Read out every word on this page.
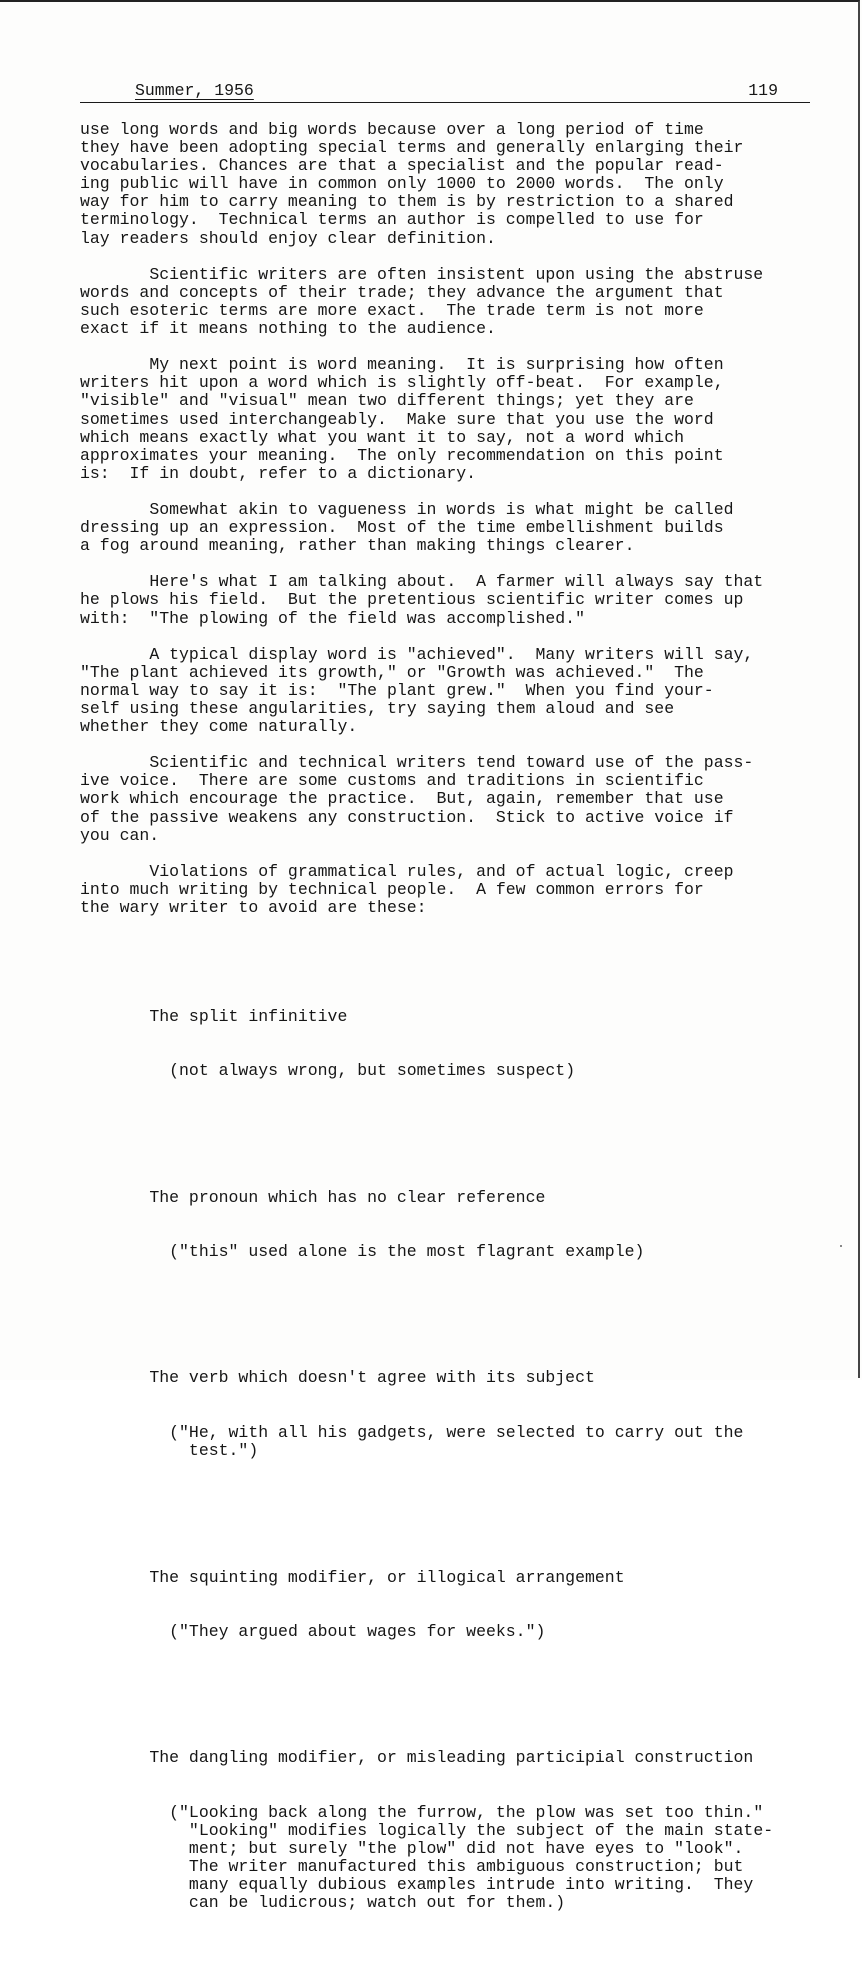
Summer, 1956	119

use long words and big words because over a long period of time
they have been adopting special terms and generally enlarging their
vocabularies. Chances are that a specialist and the popular read-
ing public will have in common only 1000 to 2000 words.  The only
way for him to carry meaning to them is by restriction to a shared
terminology.  Technical terms an author is compelled to use for
lay readers should enjoy clear definition.

Scientific writers are often insistent upon using the abstruse
words and concepts of their trade; they advance the argument that
such esoteric terms are more exact.  The trade term is not more
exact if it means nothing to the audience.

My next point is word meaning.  It is surprising how often
writers hit upon a word which is slightly off-beat.  For example,
"visible" and "visual" mean two different things; yet they are
sometimes used interchangeably.  Make sure that you use the word
which means exactly what you want it to say, not a word which
approximates your meaning.  The only recommendation on this point
is:  If in doubt, refer to a dictionary.

Somewhat akin to vagueness in words is what might be called
dressing up an expression.  Most of the time embellishment builds
a fog around meaning, rather than making things clearer.

Here's what I am talking about.  A farmer will always say that
he plows his field.  But the pretentious scientific writer comes up
with:  "The plowing of the field was accomplished."

A typical display word is "achieved".  Many writers will say,
"The plant achieved its growth," or "Growth was achieved."  The
normal way to say it is:  "The plant grew."  When you find your-
self using these angularities, try saying them aloud and see
whether they come naturally.

Scientific and technical writers tend toward use of the pass-
ive voice.  There are some customs and traditions in scientific
work which encourage the practice.  But, again, remember that use
of the passive weakens any construction.  Stick to active voice if
you can.

Violations of grammatical rules, and of actual logic, creep
into much writing by technical people.  A few common errors for
the wary writer to avoid are these:

The split infinitive

(not always wrong, but sometimes suspect)

The pronoun which has no clear reference

("this" used alone is the most flagrant example)

The verb which doesn't agree with its subject

("He, with all his gadgets, were selected to carry out the
test.")

The squinting modifier, or illogical arrangement

("They argued about wages for weeks.")

The dangling modifier, or misleading participial construction

("Looking back along the furrow, the plow was set too thin."
"Looking" modifies logically the subject of the main state-
ment; but surely "the plow" did not have eyes to "look".
The writer manufactured this ambiguous construction; but
many equally dubious examples intrude into writing.  They
can be ludicrous; watch out for them.)
